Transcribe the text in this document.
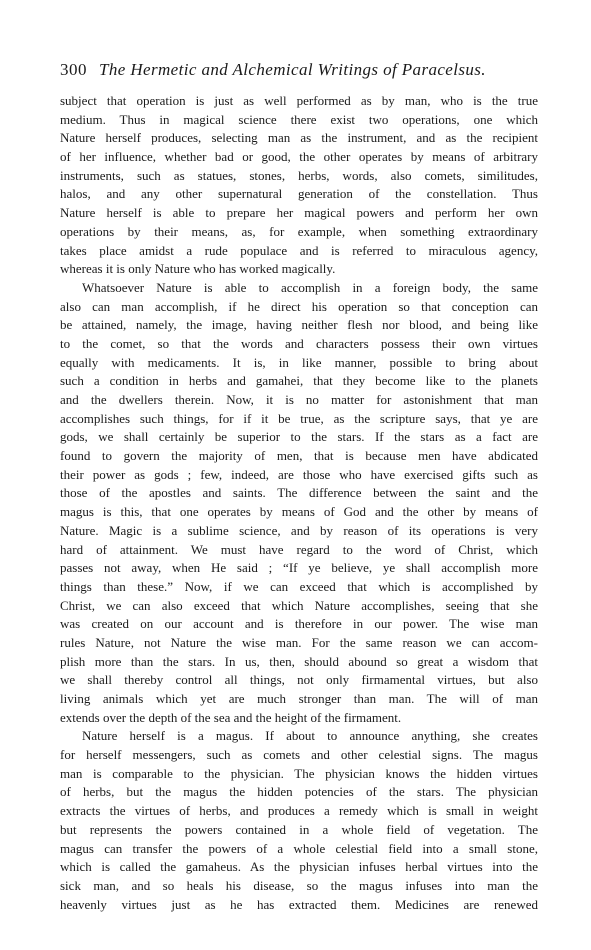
300 The Hermetic and Alchemical Writings of Paracelsus.
subject that operation is just as well performed as by man, who is the true
medium. Thus in magical science there exist two operations, one which
Nature herself produces, selecting man as the instrument, and as the recipient
of her influence, whether bad or good, the other operates by means of arbitrary
instruments, such as statues, stones, herbs, words, also comets, similitudes,
halos, and any other supernatural generation of the constellation. Thus
Nature herself is able to prepare her magical powers and perform her own
operations by their means, as, for example, when something extraordinary
takes place amidst a rude populace and is referred to miraculous agency,
whereas it is only Nature who has worked magically.
Whatsoever Nature is able to accomplish in a foreign body, the same
also can man accomplish, if he direct his operation so that conception can
be attained, namely, the image, having neither flesh nor blood, and being like
to the comet, so that the words and characters possess their own virtues
equally with medicaments. It is, in like manner, possible to bring about
such a condition in herbs and gamahei, that they become like to the planets
and the dwellers therein. Now, it is no matter for astonishment that man
accomplishes such things, for if it be true, as the scripture says, that ye are
gods, we shall certainly be superior to the stars. If the stars as a fact are
found to govern the majority of men, that is because men have abdicated
their power as gods ; few, indeed, are those who have exercised gifts such as
those of the apostles and saints. The difference between the saint and the
magus is this, that one operates by means of God and the other by means of
Nature. Magic is a sublime science, and by reason of its operations is very
hard of attainment. We must have regard to the word of Christ, which
passes not away, when He said ; “If ye believe, ye shall accomplish more
things than these.” Now, if we can exceed that which is accomplished by
Christ, we can also exceed that which Nature accomplishes, seeing that she
was created on our account and is therefore in our power. The wise man
rules Nature, not Nature the wise man. For the same reason we can accom-
plish more than the stars. In us, then, should abound so great a wisdom that
we shall thereby control all things, not only firmamental virtues, but also
living animals which yet are much stronger than man. The will of man
extends over the depth of the sea and the height of the firmament.
Nature herself is a magus. If about to announce anything, she creates
for herself messengers, such as comets and other celestial signs. The magus
man is comparable to the physician. The physician knows the hidden virtues
of herbs, but the magus the hidden potencies of the stars. The physician
extracts the virtues of herbs, and produces a remedy which is small in weight
but represents the powers contained in a whole field of vegetation. The
magus can transfer the powers of a whole celestial field into a small stone,
which is called the gamaheus. As the physician infuses herbal virtues into the
sick man, and so heals his disease, so the magus infuses into man the
heavenly virtues just as he has extracted them. Medicines are renewed
